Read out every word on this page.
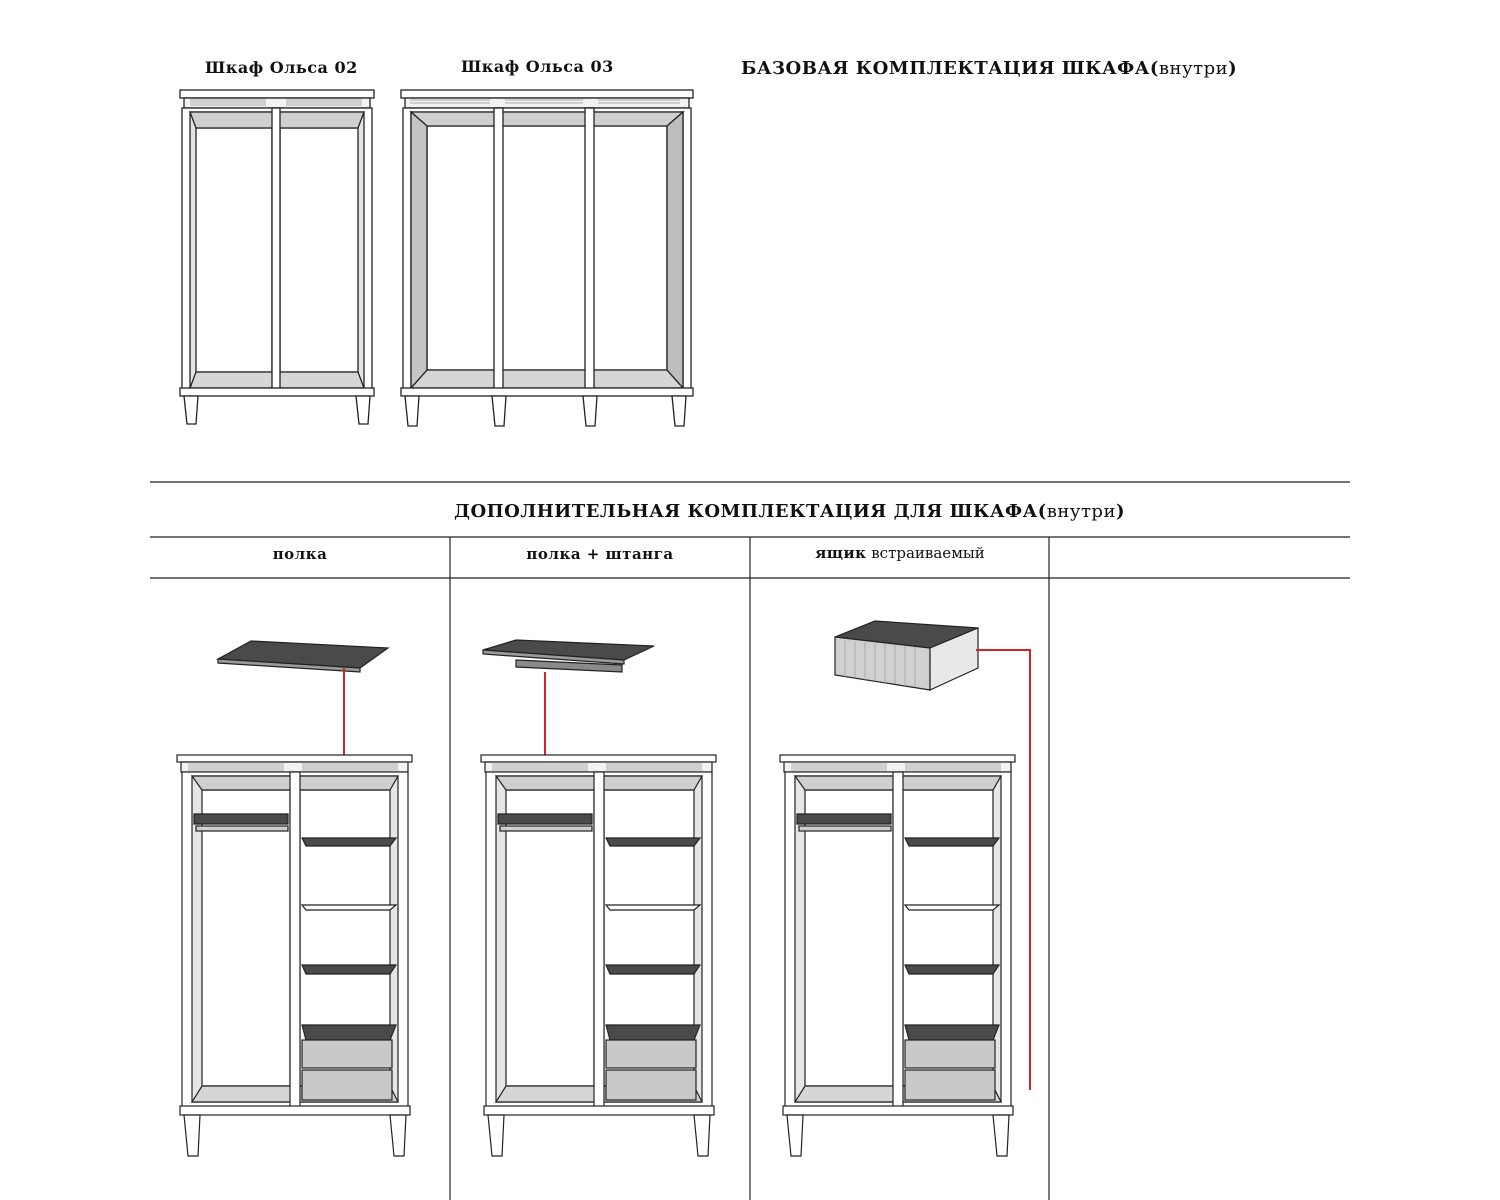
Шкаф Ольса 02	Шкаф Ольса 03	БАЗОВАЯ КОМПЛЕКТАЦИЯ ШКАФА(внутри)
ДОПОЛНИТЕЛЬНАЯ КОМПЛЕКТАЦИЯ ДЛЯ ШКАФА(внутри)
полка	полка + штанга	ящик встраиваемый
